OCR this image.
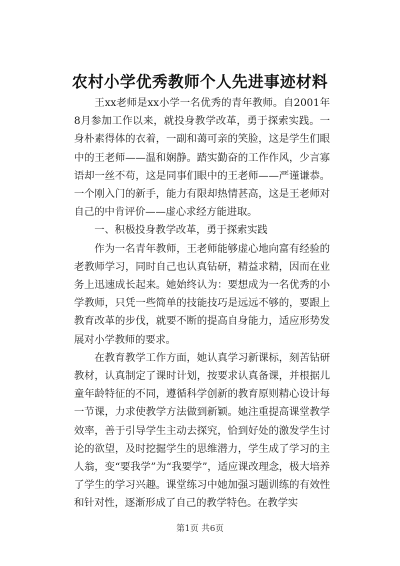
农村小学优秀教师个人先进事迹材料

王xx老师是xx小学一名优秀的青年教师。自2001年8月参加工作以来，就投身教学改革，勇于探索实践。一身朴素得体的衣着，一副和蔼可亲的笑脸，这是学生们眼中的王老师——温和娴静。踏实勤奋的工作作风，少言寡语却一丝不苟，这是同事们眼中的王老师——严谨谦恭。一个刚入门的新手，能力有限却热情甚高，这是王老师对自己的中肯评价——虚心求经方能进取。

一、积极投身教学改革，勇于探索实践

作为一名青年教师，王老师能够虚心地向富有经验的老教师学习，同时自己也认真钻研，精益求精，因而在业务上迅速成长起来。她始终认为：要想成为一名优秀的小学教师，只凭一些简单的技能技巧是远远不够的，要跟上教育改革的步伐，就要不断的提高自身能力，适应形势发展对小学教师的要求。

在教育教学工作方面，她认真学习新课标，刻苦钻研教材，认真制定了课时计划，按要求认真备课，并根据儿童年龄特征的不同，遵循科学创新的教育原则精心设计每一节课，力求使教学方法做到新颖。她注重提高课堂教学效率，善于引导学生主动去探究，恰到好处的激发学生讨论的欲望，及时挖掘学生的思维潜力，学生成了学习的主人翁，变“要我学”为“我要学”，适应课改理念，极大培养了学生的学习兴趣。课堂练习中她加强习题训练的有效性和针对性，逐渐形成了自己的教学特色。在教学实

第1页 共6页
